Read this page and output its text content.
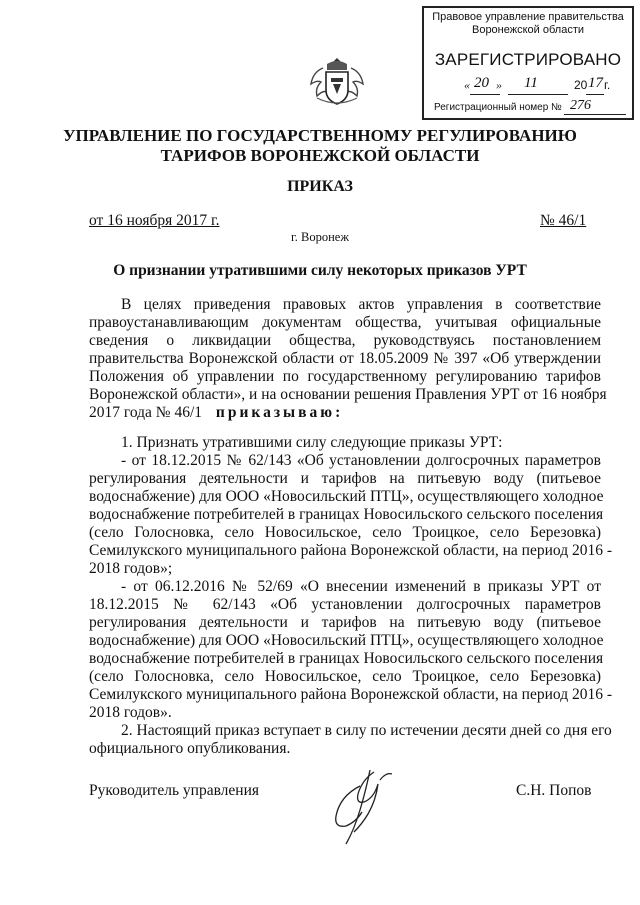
Правовое управление правительства
Воронежской области
ЗАРЕГИСТРИРОВАНО
« 20 » 11	20 17 г.
Регистрационный номер № 276
УПРАВЛЕНИЕ ПО ГОСУДАРСТВЕННОМУ РЕГУЛИРОВАНИЮ
ТАРИФОВ ВОРОНЕЖСКОЙ ОБЛАСТИ
ПРИКАЗ
от 16 ноября 2017 г.	№ 46/1
г. Воронеж
О признании утратившими силу некоторых приказов УРТ
В целях приведения правовых актов управления в соответствие
правоустанавливающим документам общества, учитывая официальные
сведения о ликвидации общества, руководствуясь постановлением
правительства Воронежской области от 18.05.2009 № 397 «Об утверждении
Положения об управлении по государственному регулированию тарифов
Воронежской области», и на основании решения Правления УРТ от 16 ноября
2017 года № 46/1 приказываю:
1. Признать утратившими силу следующие приказы УРТ:
- от 18.12.2015 № 62/143 «Об установлении долгосрочных параметров
регулирования деятельности и тарифов на питьевую воду (питьевое
водоснабжение) для ООО «Новосильский ПТЦ», осуществляющего холодное
водоснабжение потребителей в границах Новосильского сельского поселения
(село Голосновка, село Новосильское, село Троицкое, село Березовка)
Семилукского муниципального района Воронежской области, на период 2016 -
2018 годов»;
- от 06.12.2016 № 52/69 «О внесении изменений в приказы УРТ от
18.12.2015 № 62/143 «Об установлении долгосрочных параметров
регулирования деятельности и тарифов на питьевую воду (питьевое
водоснабжение) для ООО «Новосильский ПТЦ», осуществляющего холодное
водоснабжение потребителей в границах Новосильского сельского поселения
(село Голосновка, село Новосильское, село Троицкое, село Березовка)
Семилукского муниципального района Воронежской области, на период 2016 -
2018 годов».
2. Настоящий приказ вступает в силу по истечении десяти дней со дня его
официального опубликования.
Руководитель управления	С.Н. Попов
